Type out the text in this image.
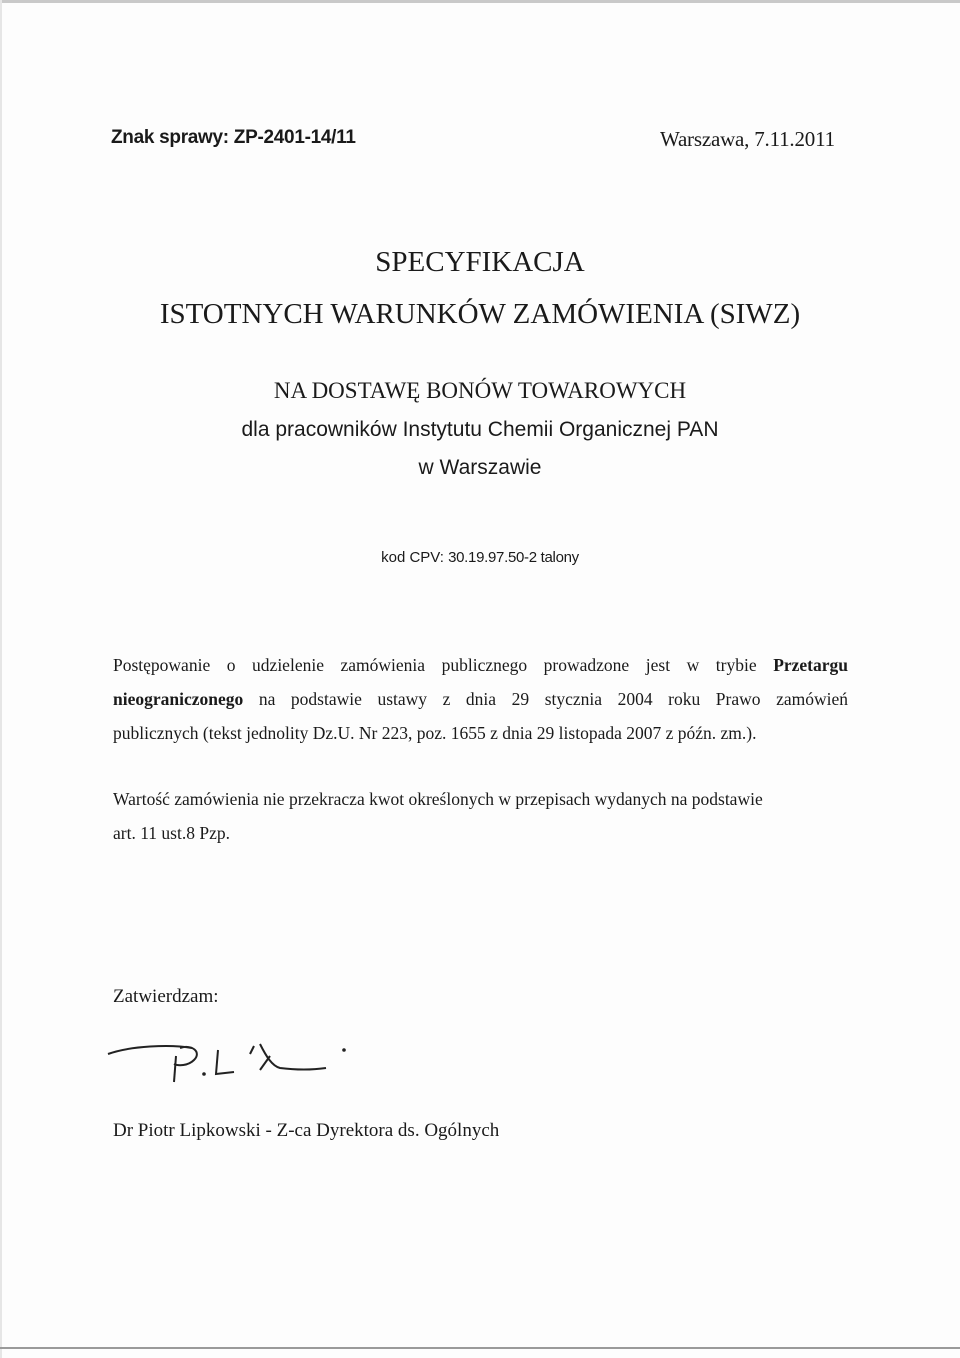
Znak sprawy: ZP-2401-14/11	Warszawa, 7.11.2011
SPECYFIKACJA
ISTOTNYCH WARUNKÓW ZAMÓWIENIA (SIWZ)
NA DOSTAWĘ BONÓW TOWAROWYCH
dla pracowników Instytutu Chemii Organicznej PAN
w Warszawie
kod CPV: 30.19.97.50-2 talony
Postępowanie o udzielenie zamówienia publicznego prowadzone jest w trybie Przetargu
nieograniczonego na podstawie ustawy z dnia 29 stycznia 2004 roku Prawo zamówień
publicznych (tekst jednolity Dz.U. Nr 223, poz. 1655 z dnia 29 listopada 2007 z późn. zm.).
Wartość zamówienia nie przekracza kwot określonych w przepisach wydanych na podstawie
art. 11 ust.8 Pzp.
Zatwierdzam:
Dr Piotr Lipkowski - Z-ca Dyrektora ds. Ogólnych
